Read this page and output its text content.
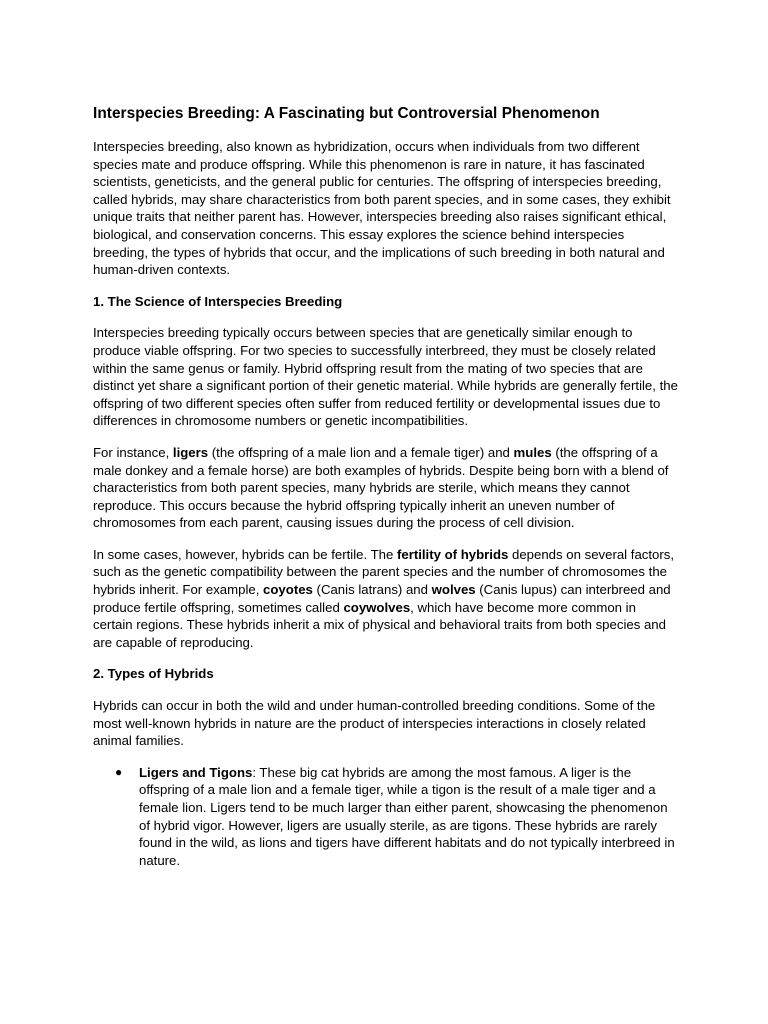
Interspecies Breeding: A Fascinating but Controversial Phenomenon

Interspecies breeding, also known as hybridization, occurs when individuals from two different species mate and produce offspring. While this phenomenon is rare in nature, it has fascinated scientists, geneticists, and the general public for centuries. The offspring of interspecies breeding, called hybrids, may share characteristics from both parent species, and in some cases, they exhibit unique traits that neither parent has. However, interspecies breeding also raises significant ethical, biological, and conservation concerns. This essay explores the science behind interspecies breeding, the types of hybrids that occur, and the implications of such breeding in both natural and human-driven contexts.

1. The Science of Interspecies Breeding

Interspecies breeding typically occurs between species that are genetically similar enough to produce viable offspring. For two species to successfully interbreed, they must be closely related within the same genus or family. Hybrid offspring result from the mating of two species that are distinct yet share a significant portion of their genetic material. While hybrids are generally fertile, the offspring of two different species often suffer from reduced fertility or developmental issues due to differences in chromosome numbers or genetic incompatibilities.

For instance, ligers (the offspring of a male lion and a female tiger) and mules (the offspring of a male donkey and a female horse) are both examples of hybrids. Despite being born with a blend of characteristics from both parent species, many hybrids are sterile, which means they cannot reproduce. This occurs because the hybrid offspring typically inherit an uneven number of chromosomes from each parent, causing issues during the process of cell division.

In some cases, however, hybrids can be fertile. The fertility of hybrids depends on several factors, such as the genetic compatibility between the parent species and the number of chromosomes the hybrids inherit. For example, coyotes (Canis latrans) and wolves (Canis lupus) can interbreed and produce fertile offspring, sometimes called coywolves, which have become more common in certain regions. These hybrids inherit a mix of physical and behavioral traits from both species and are capable of reproducing.

2. Types of Hybrids

Hybrids can occur in both the wild and under human-controlled breeding conditions. Some of the most well-known hybrids in nature are the product of interspecies interactions in closely related animal families.

● Ligers and Tigons: These big cat hybrids are among the most famous. A liger is the offspring of a male lion and a female tiger, while a tigon is the result of a male tiger and a female lion. Ligers tend to be much larger than either parent, showcasing the phenomenon of hybrid vigor. However, ligers are usually sterile, as are tigons. These hybrids are rarely found in the wild, as lions and tigers have different habitats and do not typically interbreed in nature.
